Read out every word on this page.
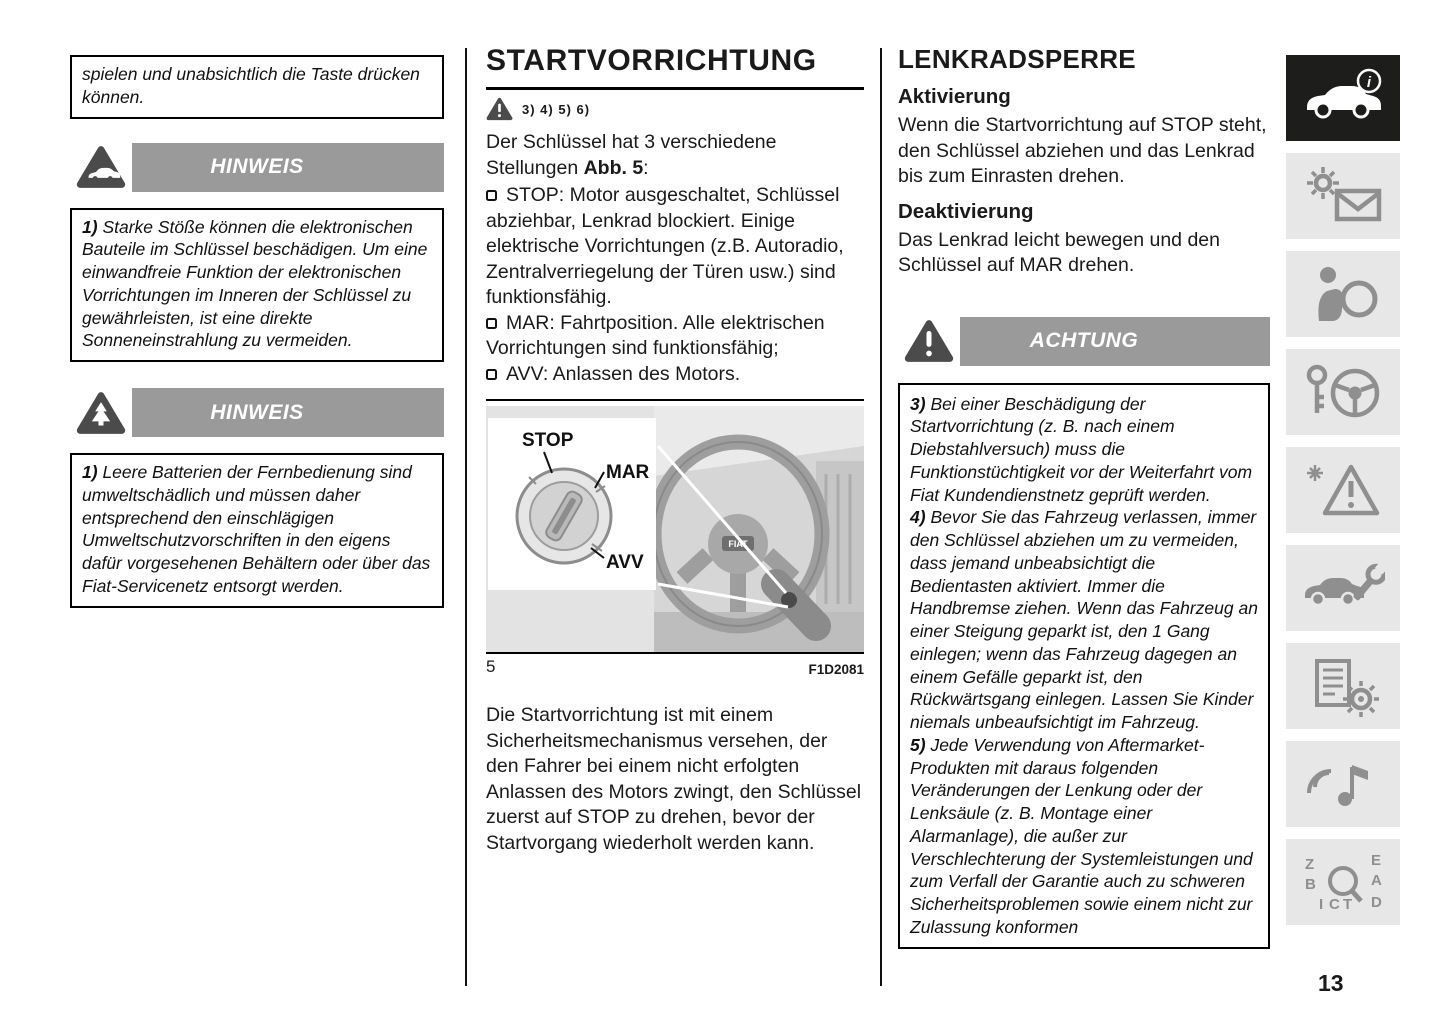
spielen und unabsichtlich die Taste drücken können.

HINWEIS

1) Starke Stöße können die elektronischen Bauteile im Schlüssel beschädigen. Um eine einwandfreie Funktion der elektronischen Vorrichtungen im Inneren der Schlüssel zu gewährleisten, ist eine direkte Sonneneinstrahlung zu vermeiden.

HINWEIS

1) Leere Batterien der Fernbedienung sind umweltschädlich und müssen daher entsprechend den einschlägigen Umweltschutzvorschriften in den eigens dafür vorgesehenen Behältern oder über das Fiat-Servicenetz entsorgt werden.

STARTVORRICHTUNG
3) 4) 5) 6)

Der Schlüssel hat 3 verschiedene Stellungen Abb. 5:

STOP: Motor ausgeschaltet, Schlüssel abziehbar, Lenkrad blockiert. Einige elektrische Vorrichtungen (z.B. Autoradio, Zentralverriegelung der Türen usw.) sind funktionsfähig.

MAR: Fahrtposition. Alle elektrischen Vorrichtungen sind funktionsfähig;

AVV: Anlassen des Motors.

FIAT
STOP
MAR
AVV
5	F1D2081

Die Startvorrichtung ist mit einem Sicherheitsmechanismus versehen, der den Fahrer bei einem nicht erfolgten Anlassen des Motors zwingt, den Schlüssel zuerst auf STOP zu drehen, bevor der Startvorgang wiederholt werden kann.

LENKRADSPERRE
Aktivierung

Wenn die Startvorrichtung auf STOP steht, den Schlüssel abziehen und das Lenkrad bis zum Einrasten drehen.

Deaktivierung

Das Lenkrad leicht bewegen und den Schlüssel auf MAR drehen.

ACHTUNG

3) Bei einer Beschädigung der Startvorrichtung (z. B. nach einem Diebstahlversuch) muss die Funktionstüchtigkeit vor der Weiterfahrt vom Fiat Kundendienstnetz geprüft werden.

4) Bevor Sie das Fahrzeug verlassen, immer den Schlüssel abziehen um zu vermeiden, dass jemand unbeabsichtigt die Bedientasten aktiviert. Immer die Handbremse ziehen. Wenn das Fahrzeug an einer Steigung geparkt ist, den 1 Gang einlegen; wenn das Fahrzeug dagegen an einem Gefälle geparkt ist, den Rückwärtsgang einlegen. Lassen Sie Kinder niemals unbeaufsichtigt im Fahrzeug.

5) Jede Verwendung von Aftermarket-Produkten mit daraus folgenden Veränderungen der Lenkung oder der Lenksäule (z. B. Montage einer Alarmanlage), die außer zur Verschlechterung der Systemleistungen und zum Verfall der Garantie auch zu schweren Sicherheitsproblemen sowie einem nicht zur Zulassung konformen

i
Z
B
I C T
E
A
D
13
